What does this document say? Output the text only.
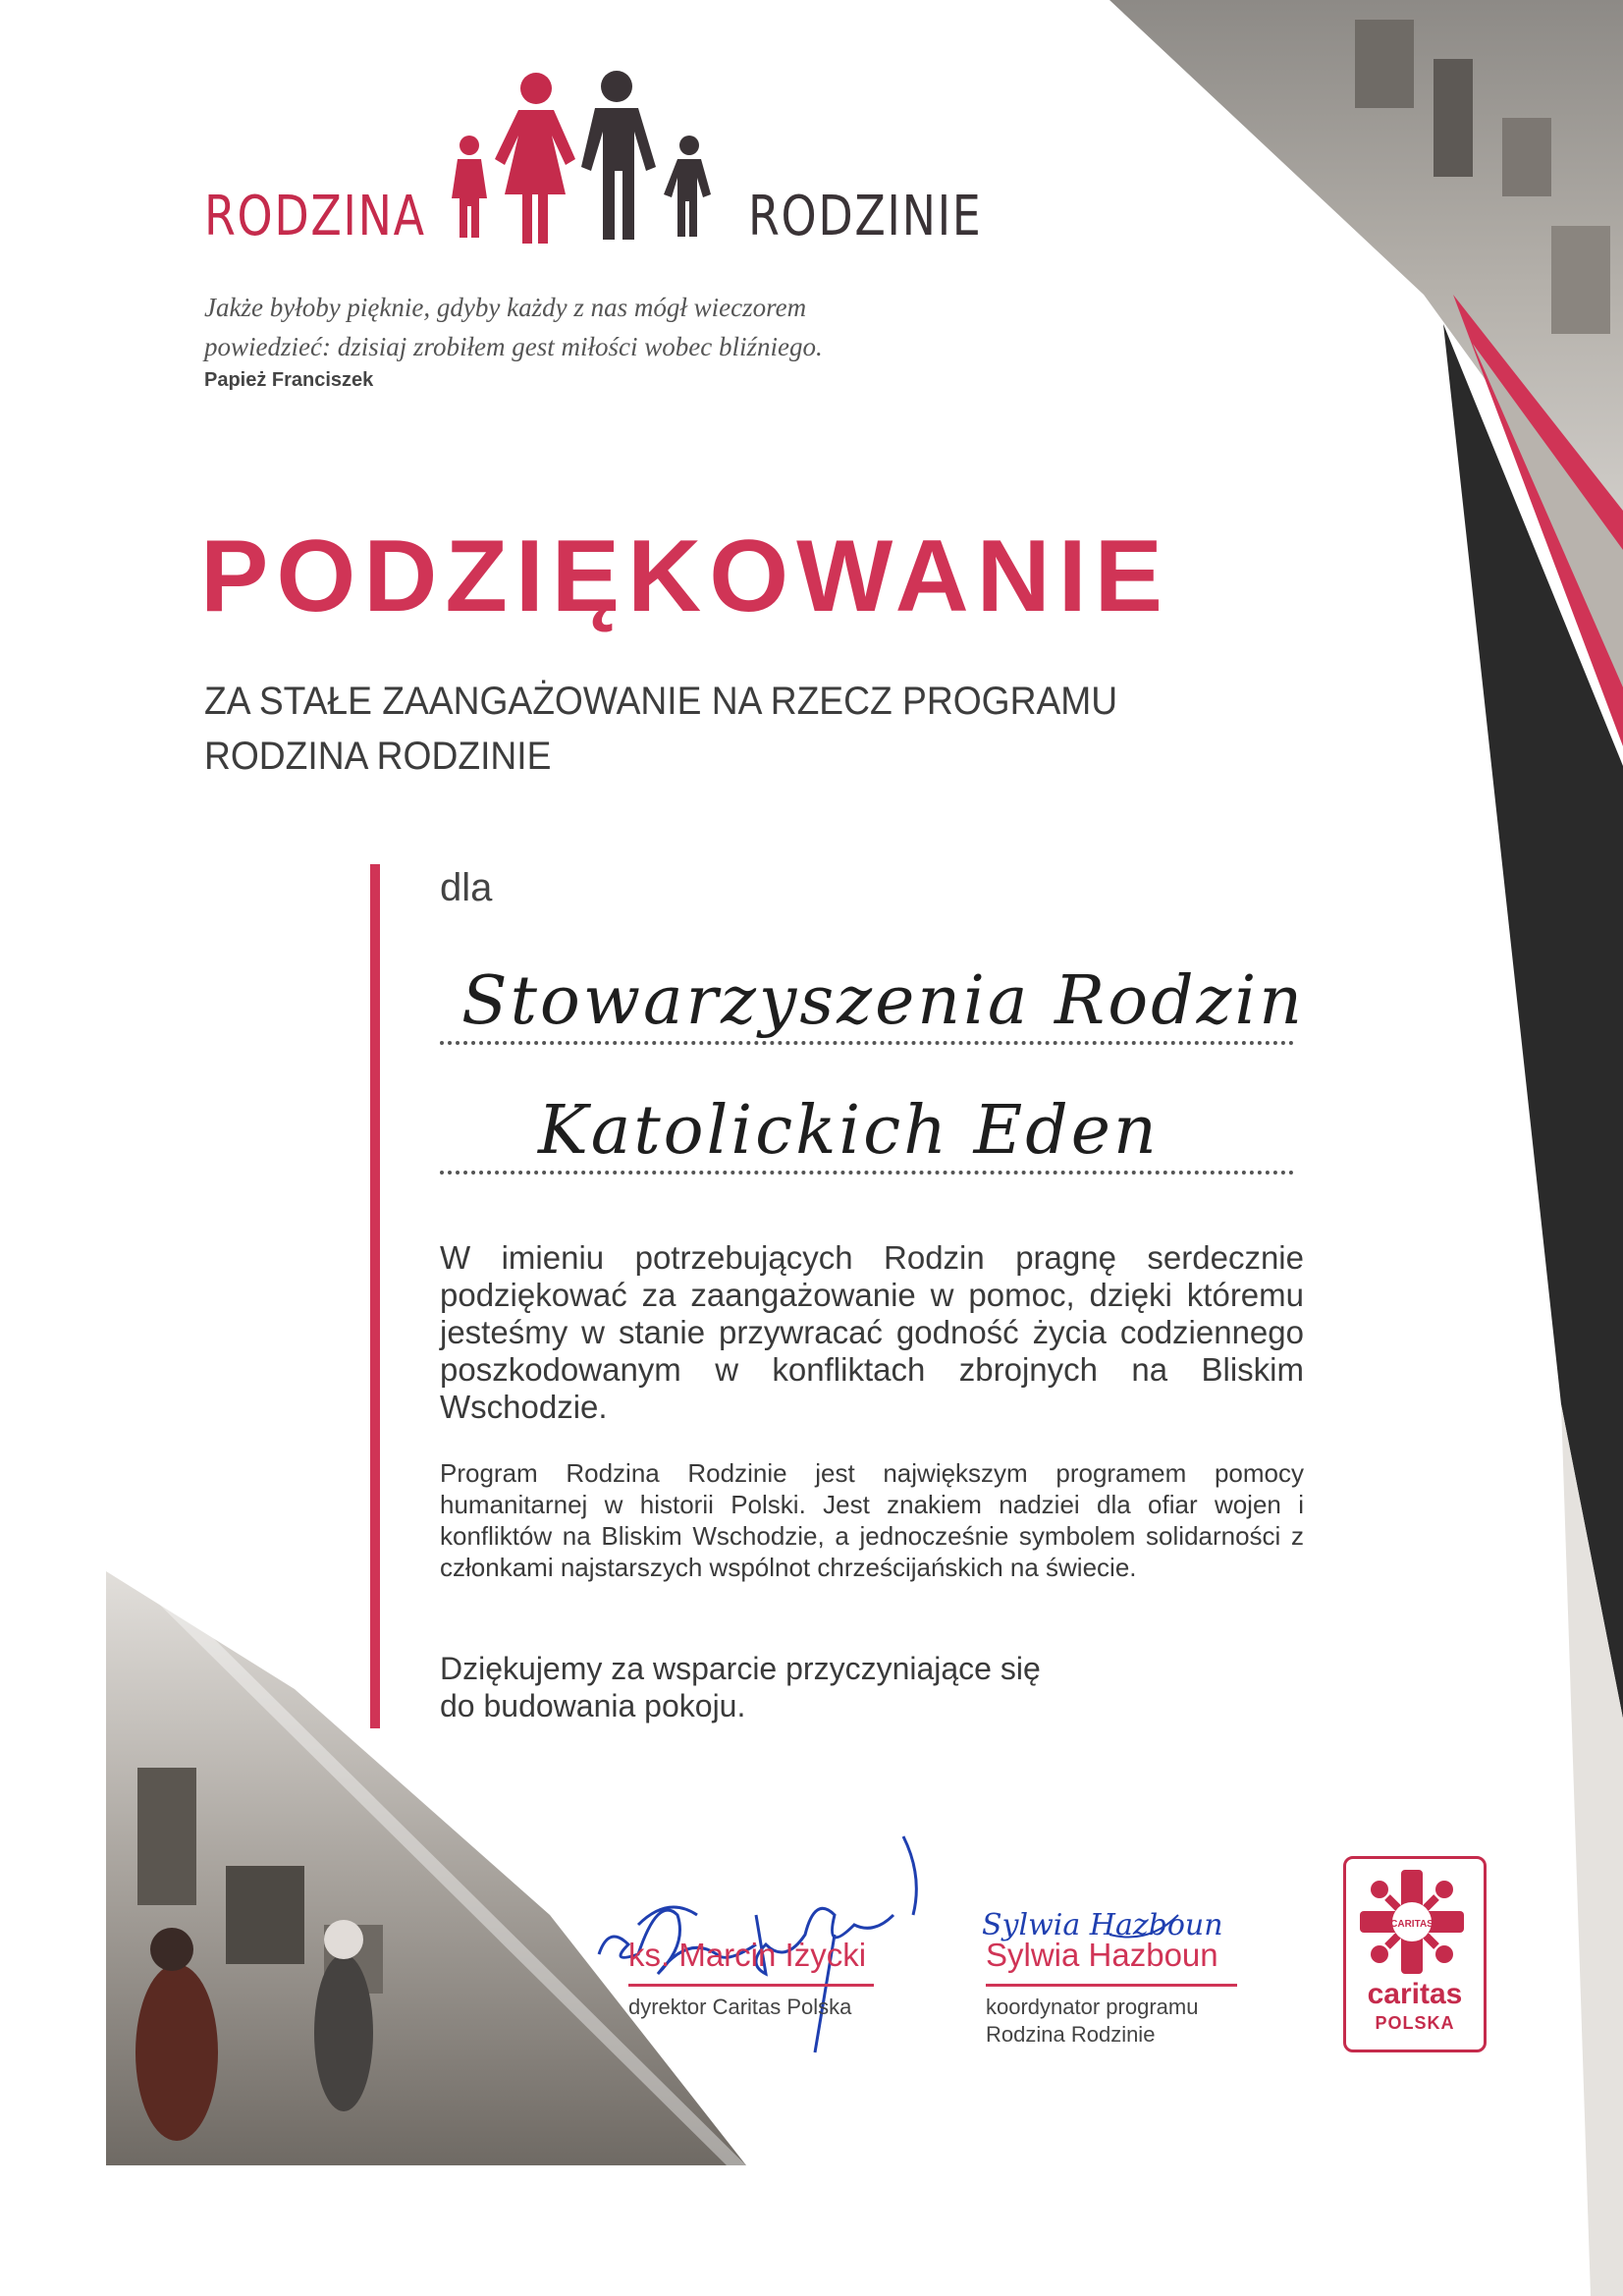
RODZINA	RODZINIE
Jakże byłoby pięknie, gdyby każdy z nas mógł wieczorem
powiedzieć: dzisiaj zrobiłem gest miłości wobec bliźniego.
Papież Franciszek
PODZIĘKOWANIE
ZA STAŁE ZAANGAŻOWANIE NA RZECZ PROGRAMU
RODZINA RODZINIE
dla
Stowarzyszenia Rodzin
Katolickich Eden
W imieniu potrzebujących Rodzin pragnę serdecznie podziękować za zaangażowanie w pomoc, dzięki któremu jesteśmy w stanie przywracać godność życia codziennego poszkodowanym w konfliktach zbrojnych na Bliskim Wschodzie.
Program Rodzina Rodzinie jest największym programem pomocy humanitarnej w historii Polski. Jest znakiem nadziei dla ofiar wojen i konfliktów na Bliskim Wschodzie, a jednocześnie symbolem solidarności z członkami najstarszych wspólnot chrześcijańskich na świecie.
Dziękujemy za wsparcie przyczyniające się
do budowania pokoju.
Sylwia Hazboun
ks. Marcin Iżycki
dyrektor Caritas Polska
Sylwia Hazboun
koordynator programu
Rodzina Rodzinie
CARITAS
caritas
POLSKA
